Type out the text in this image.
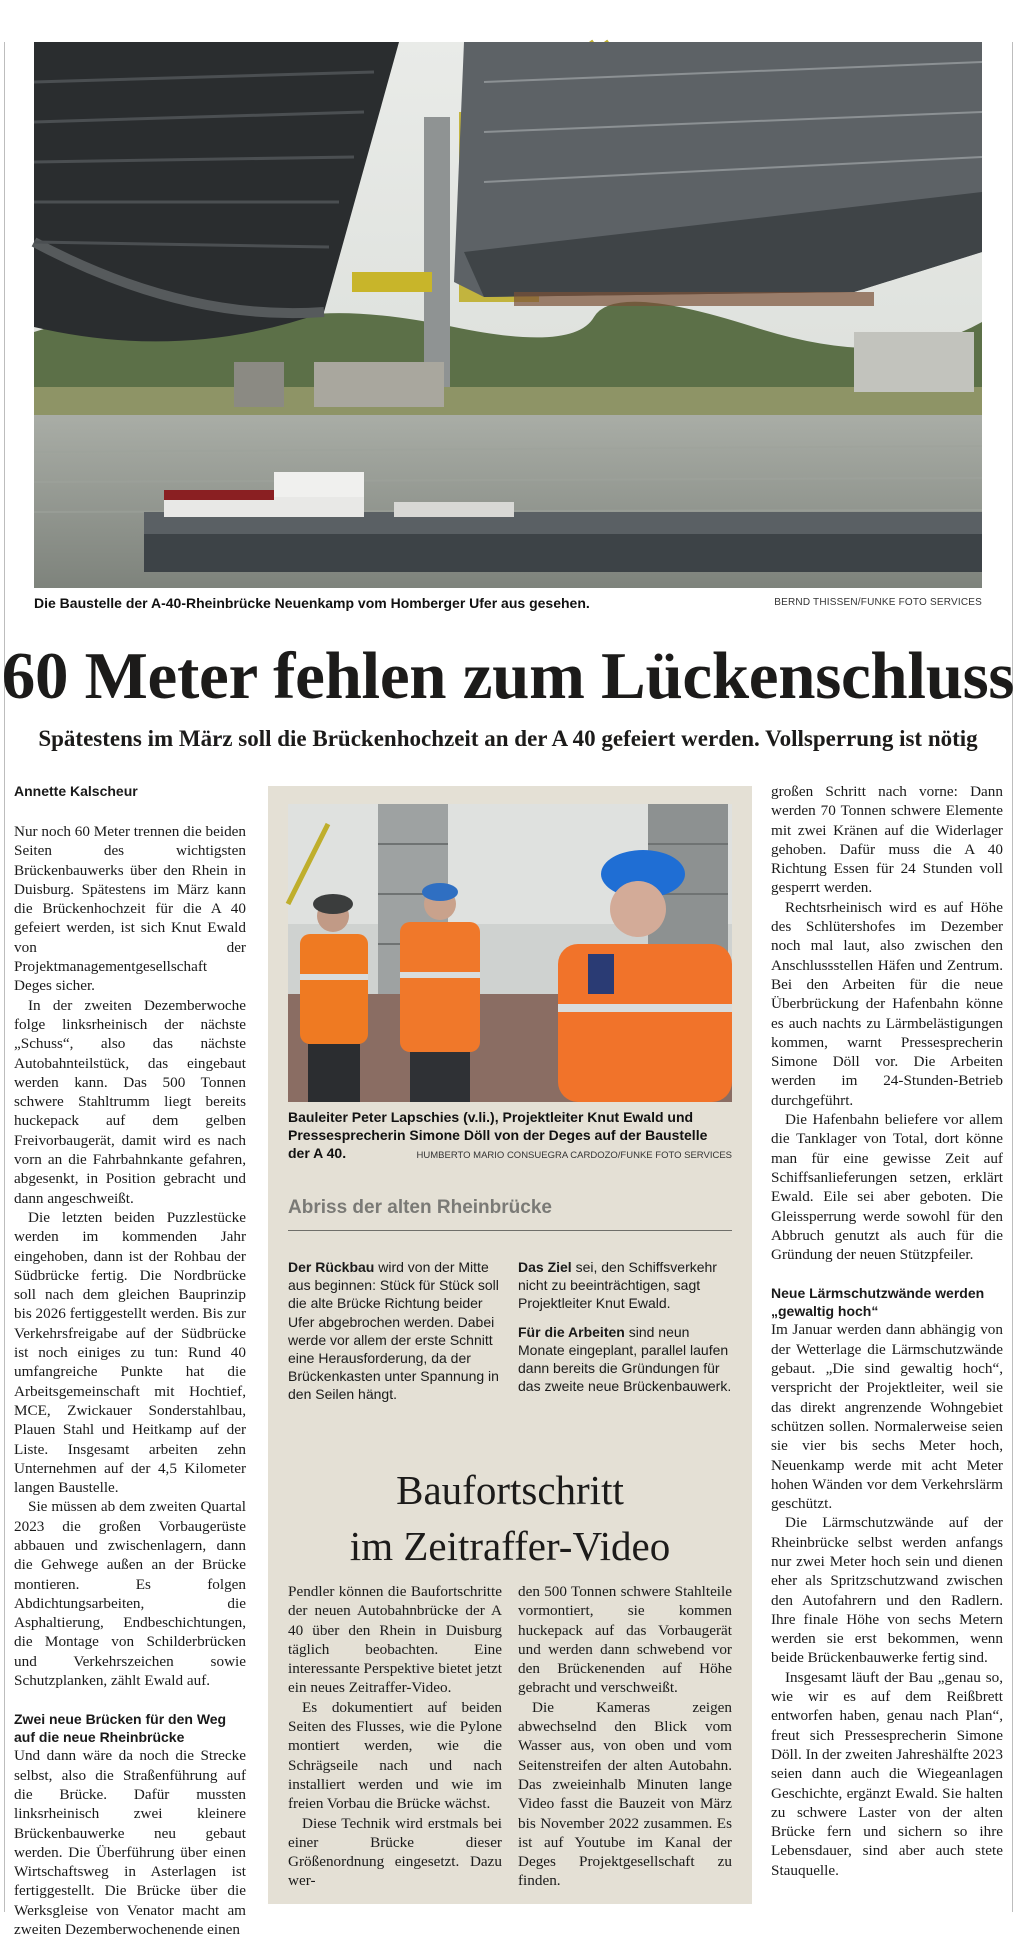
Die Baustelle der A-40-Rheinbrücke Neuenkamp vom Homberger Ufer aus gesehen.	BERND THISSEN/FUNKE FOTO SERVICES
60 Meter fehlen zum Lückenschluss
Spätestens im März soll die Brückenhochzeit an der A 40 gefeiert werden. Vollsperrung ist nötig
Annette Kalscheur

Nur noch 60 Meter trennen die beiden Seiten des wichtigsten Brückenbauwerks über den Rhein in Duisburg. Spätestens im März kann die Brückenhochzeit für die A 40 gefeiert werden, ist sich Knut Ewald von der Projektmanagementgesellschaft Deges sicher.

In der zweiten Dezemberwoche folge linksrheinisch der nächste „Schuss“, also das nächste Autobahnteilstück, das eingebaut werden kann. Das 500 Tonnen schwere Stahltrumm liegt bereits huckepack auf dem gelben Freivorbaugerät, damit wird es nach vorn an die Fahrbahnkante gefahren, abgesenkt, in Position gebracht und dann angeschweißt.

Die letzten beiden Puzzlestücke werden im kommenden Jahr eingehoben, dann ist der Rohbau der Südbrücke fertig. Die Nordbrücke soll nach dem gleichen Bauprinzip bis 2026 fertiggestellt werden. Bis zur Verkehrsfreigabe auf der Südbrücke ist noch einiges zu tun: Rund 40 umfangreiche Punkte hat die Arbeitsgemeinschaft mit Hochtief, MCE, Zwickauer Sonderstahlbau, Plauen Stahl und Heitkamp auf der Liste. Insgesamt arbeiten zehn Unternehmen auf der 4,5 Kilometer langen Baustelle.

Sie müssen ab dem zweiten Quartal 2023 die großen Vorbaugerüste abbauen und zwischenlagern, dann die Gehwege außen an der Brücke montieren. Es folgen Abdichtungsarbeiten, die Asphaltierung, Endbeschichtungen, die Montage von Schilderbrücken und Verkehrszeichen sowie Schutzplanken, zählt Ewald auf.

Zwei neue Brücken für den Weg auf die neue Rheinbrücke

Und dann wäre da noch die Strecke selbst, also die Straßenführung auf die Brücke. Dafür mussten linksrheinisch zwei kleinere Brückenbauwerke neu gebaut werden. Die Überführung über einen Wirtschaftsweg in Asterlagen ist fertiggestellt. Die Brücke über die Werksgleise von Venator macht am zweiten Dezemberwochenende einen

Bauleiter Peter Lapschies (v.li.), Projektleiter Knut Ewald und Pressesprecherin Simone Döll von der Deges auf der Baustelle der A 40.	HUMBERTO MARIO CONSUEGRA CARDOZO/FUNKE FOTO SERVICES
Abriss der alten Rheinbrücke

Der Rückbau wird von der Mitte aus beginnen: Stück für Stück soll die alte Brücke Richtung beider Ufer abgebrochen werden. Dabei werde vor allem der erste Schnitt eine Herausforderung, da der Brückenkasten unter Spannung in den Seilen hängt.

Das Ziel sei, den Schiffsverkehr nicht zu beeinträchtigen, sagt Projektleiter Knut Ewald.

Für die Arbeiten sind neun Monate eingeplant, parallel laufen dann bereits die Gründungen für das zweite neue Brückenbauwerk.

Baufortschritt
im Zeitraffer-Video

Pendler können die Baufortschritte der neuen Autobahnbrücke der A 40 über den Rhein in Duisburg täglich beobachten. Eine interessante Perspektive bietet jetzt ein neues Zeitraffer-Video.

Es dokumentiert auf beiden Seiten des Flusses, wie die Pylone montiert werden, wie die Schrägseile nach und nach installiert werden und wie im freien Vorbau die Brücke wächst.

Diese Technik wird erstmals bei einer Brücke dieser Größenordnung eingesetzt. Dazu wer-

den 500 Tonnen schwere Stahlteile vormontiert, sie kommen huckepack auf das Vorbaugerät und werden dann schwebend vor den Brückenenden auf Höhe gebracht und verschweißt.

Die Kameras zeigen abwechselnd den Blick vom Wasser aus, von oben und vom Seitenstreifen der alten Autobahn. Das zweieinhalb Minuten lange Video fasst die Bauzeit von März bis November 2022 zusammen. Es ist auf Youtube im Kanal der Deges Projektgesellschaft zu finden.

großen Schritt nach vorne: Dann werden 70 Tonnen schwere Elemente mit zwei Kränen auf die Widerlager gehoben. Dafür muss die A 40 Richtung Essen für 24 Stunden voll gesperrt werden.

Rechtsrheinisch wird es auf Höhe des Schlütershofes im Dezember noch mal laut, also zwischen den Anschlussstellen Häfen und Zentrum. Bei den Arbeiten für die neue Überbrückung der Hafenbahn könne es auch nachts zu Lärmbelästigungen kommen, warnt Pressesprecherin Simone Döll vor. Die Arbeiten werden im 24-Stunden-Betrieb durchgeführt.

Die Hafenbahn beliefere vor allem die Tanklager von Total, dort könne man für eine gewisse Zeit auf Schiffsanlieferungen setzen, erklärt Ewald. Eile sei aber geboten. Die Gleissperrung werde sowohl für den Abbruch genutzt als auch für die Gründung der neuen Stützpfeiler.

Neue Lärmschutzwände werden „gewaltig hoch“

Im Januar werden dann abhängig von der Wetterlage die Lärmschutzwände gebaut. „Die sind gewaltig hoch“, verspricht der Projektleiter, weil sie das direkt angrenzende Wohngebiet schützen sollen. Normalerweise seien sie vier bis sechs Meter hoch, Neuenkamp werde mit acht Meter hohen Wänden vor dem Verkehrslärm geschützt.

Die Lärmschutzwände auf der Rheinbrücke selbst werden anfangs nur zwei Meter hoch sein und dienen eher als Spritzschutzwand zwischen den Autofahrern und den Radlern. Ihre finale Höhe von sechs Metern werden sie erst bekommen, wenn beide Brückenbauwerke fertig sind.

Insgesamt läuft der Bau „genau so, wie wir es auf dem Reißbrett entworfen haben, genau nach Plan“, freut sich Pressesprecherin Simone Döll. In der zweiten Jahreshälfte 2023 seien dann auch die Wiegeanlagen Geschichte, ergänzt Ewald. Sie halten zu schwere Laster von der alten Brücke fern und sichern so ihre Lebensdauer, sind aber auch stete Stauquelle.
